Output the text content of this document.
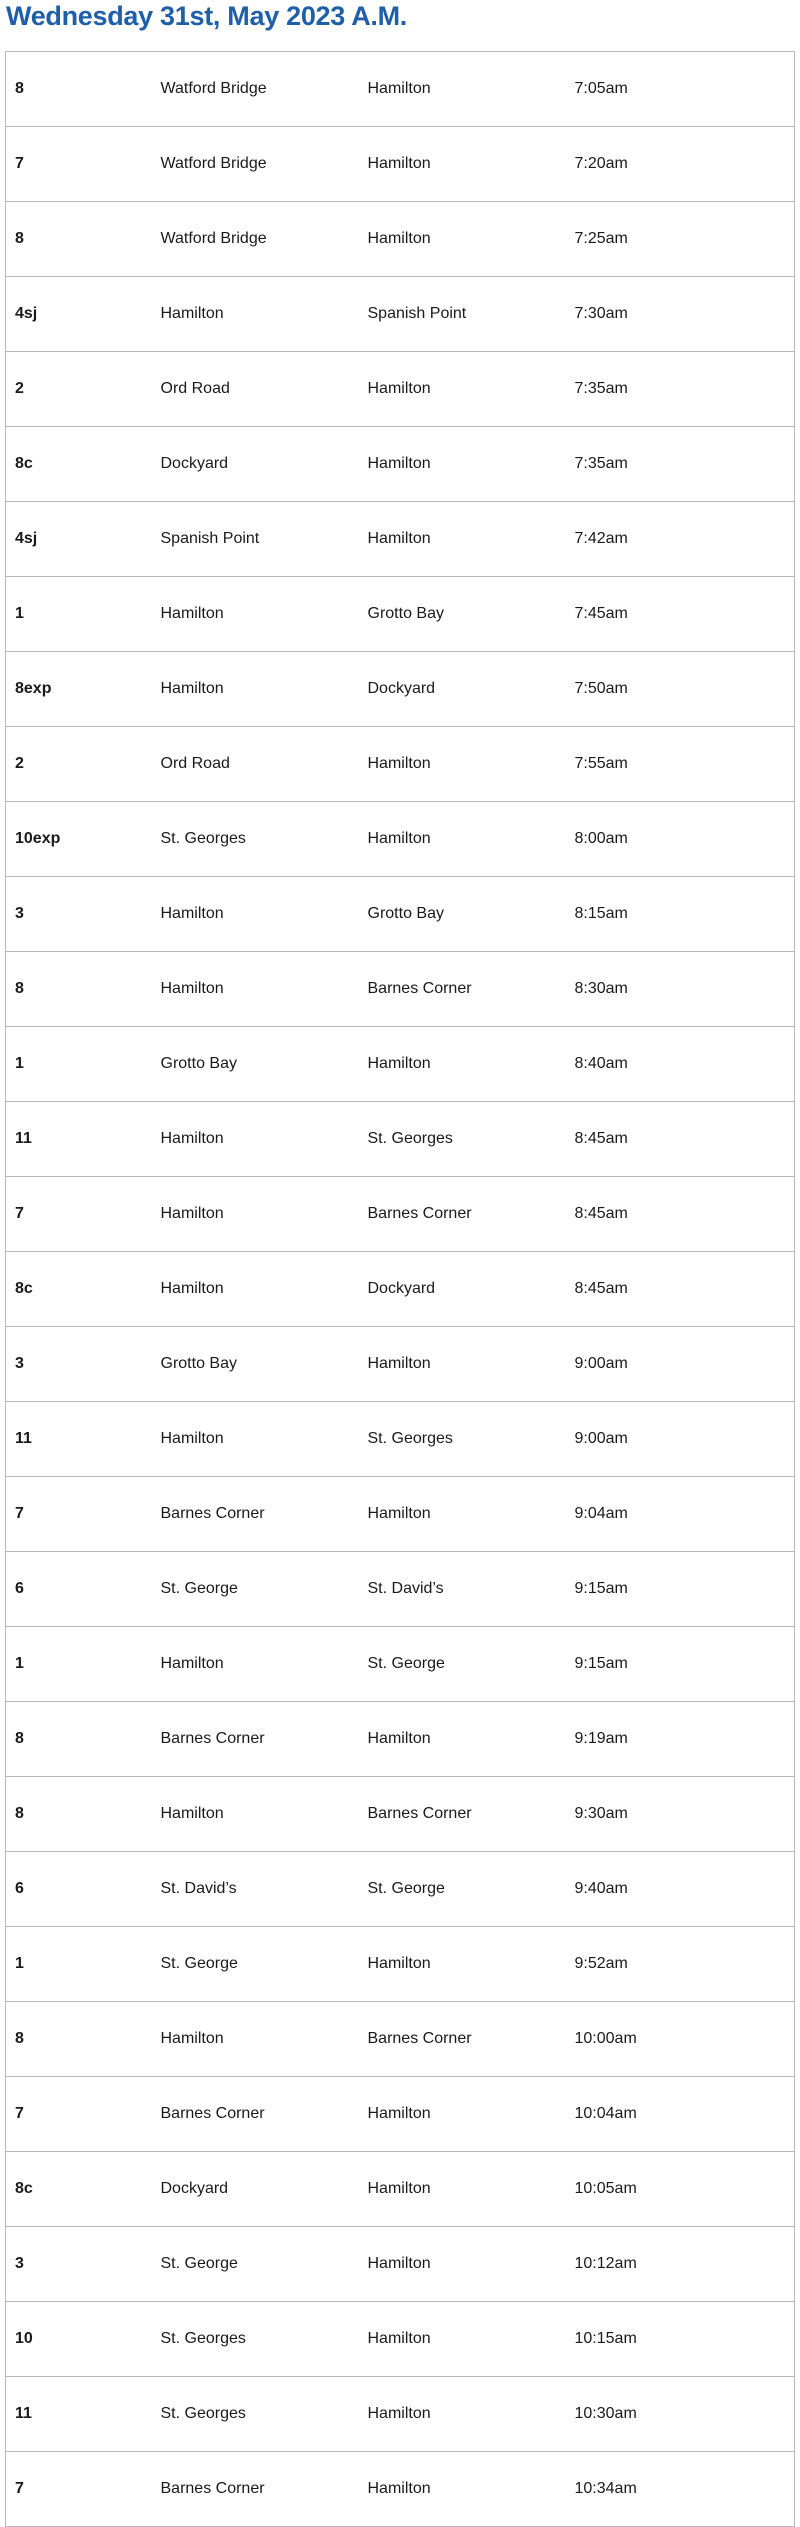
Wednesday 31st, May 2023 A.M.
8	Watford Bridge	Hamilton	7:05am
7	Watford Bridge	Hamilton	7:20am
8	Watford Bridge	Hamilton	7:25am
4sj	Hamilton	Spanish Point	7:30am
2	Ord Road	Hamilton	7:35am
8c	Dockyard	Hamilton	7:35am
4sj	Spanish Point	Hamilton	7:42am
1	Hamilton	Grotto Bay	7:45am
8exp	Hamilton	Dockyard	7:50am
2	Ord Road	Hamilton	7:55am
10exp	St. Georges	Hamilton	8:00am
3	Hamilton	Grotto Bay	8:15am
8	Hamilton	Barnes Corner	8:30am
1	Grotto Bay	Hamilton	8:40am
11	Hamilton	St. Georges	8:45am
7	Hamilton	Barnes Corner	8:45am
8c	Hamilton	Dockyard	8:45am
3	Grotto Bay	Hamilton	9:00am
11	Hamilton	St. Georges	9:00am
7	Barnes Corner	Hamilton	9:04am
6	St. George	St. David’s	9:15am
1	Hamilton	St. George	9:15am
8	Barnes Corner	Hamilton	9:19am
8	Hamilton	Barnes Corner	9:30am
6	St. David’s	St. George	9:40am
1	St. George	Hamilton	9:52am
8	Hamilton	Barnes Corner	10:00am
7	Barnes Corner	Hamilton	10:04am
8c	Dockyard	Hamilton	10:05am
3	St. George	Hamilton	10:12am
10	St. Georges	Hamilton	10:15am
11	St. Georges	Hamilton	10:30am
7	Barnes Corner	Hamilton	10:34am
